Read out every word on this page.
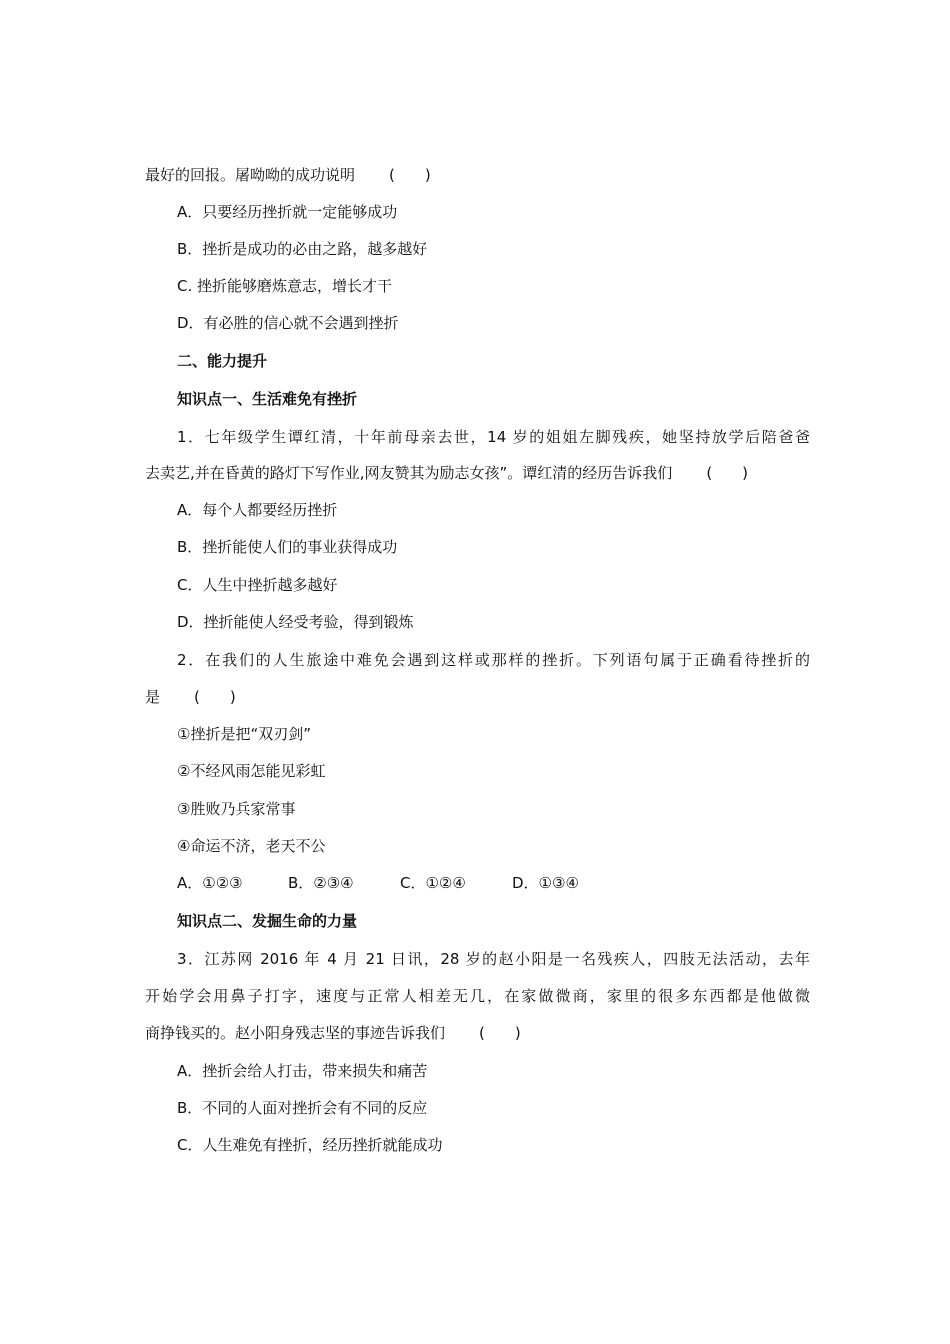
最好的回报。屠呦呦的成功说明 (　　)
A．只要经历挫折就一定能够成功
B．挫折是成功的必由之路，越多越好
C. 挫折能够磨炼意志，增长才干
D．有必胜的信心就不会遇到挫折
二、能力提升
知识点一、生活难免有挫折
1．七年级学生谭红清，十年前母亲去世，14 岁的姐姐左脚残疾，她坚持放学后陪爸爸
去卖艺,并在昏黄的路灯下写作业,网友赞其为励志女孩”。谭红清的经历告诉我们 (　　)
A．每个人都要经历挫折
B．挫折能使人们的事业获得成功
C．人生中挫折越多越好
D．挫折能使人经受考验，得到锻炼
2．在我们的人生旅途中难免会遇到这样或那样的挫折。下列语句属于正确看待挫折的
是 (　　)
①挫折是把“双刃剑”
②不经风雨怎能见彩虹
③胜败乃兵家常事
④命运不济，老天不公
A．①②③	B．②③④	C．①②④	D．①③④
知识点二、发掘生命的力量
3．江苏网 2016 年 4 月 21 日讯，28 岁的赵小阳是一名残疾人，四肢无法活动，去年
开始学会用鼻子打字，速度与正常人相差无几，在家做微商，家里的很多东西都是他做微
商挣钱买的。赵小阳身残志坚的事迹告诉我们 (　　)
A．挫折会给人打击，带来损失和痛苦
B．不同的人面对挫折会有不同的反应
C．人生难免有挫折，经历挫折就能成功
